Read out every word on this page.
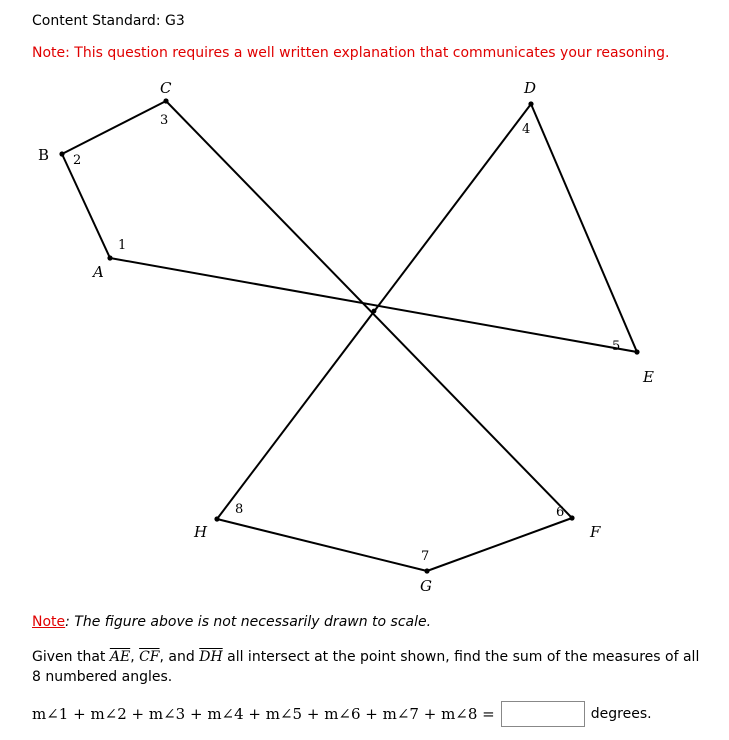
Content Standard: G3
Note: This question requires a well written explanation that communicates your reasoning.
A
B
C	D
E
F
G
H
1
2
3
4
5
6
7
8
Note: The figure above is not necessarily drawn to scale.
Given that $\overline{AE}$, $\overline{CF}$, and $\overline{DH}$ all intersect at the point shown, find the sum of the measures of all 8 numbered angles.
m∠1 + m∠2 + m∠3 + m∠4 + m∠5 + m∠6 + m∠7 + m∠8 =	degrees.
